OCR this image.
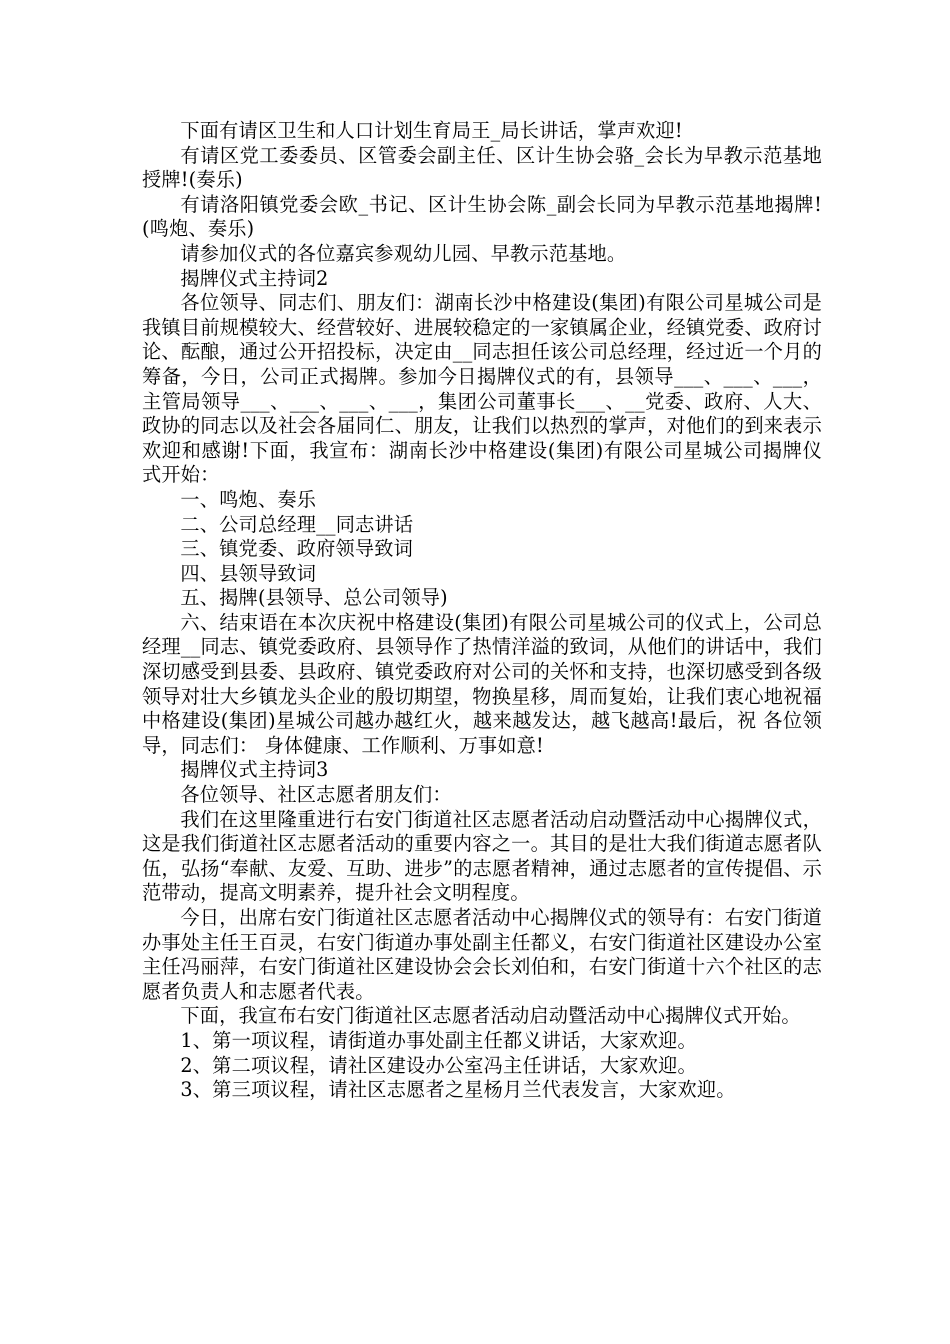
下面有请区卫生和人口计划生育局王_局长讲话，掌声欢迎!

有请区党工委委员、区管委会副主任、区计生协会骆_会长为早教示范基地授牌!(奏乐)

有请洛阳镇党委会欧_书记、区计生协会陈_副会长同为早教示范基地揭牌!(鸣炮、奏乐)

请参加仪式的各位嘉宾参观幼儿园、早教示范基地。

揭牌仪式主持词2

各位领导、同志们、朋友们：湖南长沙中格建设(集团)有限公司星城公司是我镇目前规模较大、经营较好、进展较稳定的一家镇属企业，经镇党委、政府讨论、酝酿，通过公开招投标，决定由__同志担任该公司总经理，经过近一个月的筹备，今日，公司正式揭牌。参加今日揭牌仪式的有，县领导___、___、___，主管局领导___、___、___、___，集团公司董事长___、__党委、政府、人大、政协的同志以及社会各届同仁、朋友，让我们以热烈的掌声，对他们的到来表示欢迎和感谢!下面，我宣布：湖南长沙中格建设(集团)有限公司星城公司揭牌仪式开始：

一、鸣炮、奏乐

二、公司总经理__同志讲话

三、镇党委、政府领导致词

四、县领导致词

五、揭牌(县领导、总公司领导)

六、结束语在本次庆祝中格建设(集团)有限公司星城公司的仪式上，公司总经理__同志、镇党委政府、县领导作了热情洋溢的致词，从他们的讲话中，我们深切感受到县委、县政府、镇党委政府对公司的关怀和支持，也深切感受到各级领导对壮大乡镇龙头企业的殷切期望，物换星移，周而复始，让我们衷心地祝福中格建设(集团)星城公司越办越红火，越来越发达，越飞越高!最后，祝 各位领导，同志们： 身体健康、工作顺利、万事如意!

揭牌仪式主持词3

各位领导、社区志愿者朋友们：

我们在这里隆重进行右安门街道社区志愿者活动启动暨活动中心揭牌仪式，这是我们街道社区志愿者活动的重要内容之一。其目的是壮大我们街道志愿者队伍，弘扬“奉献、友爱、互助、进步”的志愿者精神，通过志愿者的宣传提倡、示范带动，提高文明素养，提升社会文明程度。

今日，出席右安门街道社区志愿者活动中心揭牌仪式的领导有：右安门街道办事处主任王百灵，右安门街道办事处副主任都义，右安门街道社区建设办公室主任冯丽萍，右安门街道社区建设协会会长刘伯和，右安门街道十六个社区的志愿者负责人和志愿者代表。

下面，我宣布右安门街道社区志愿者活动启动暨活动中心揭牌仪式开始。

1、第一项议程，请街道办事处副主任都义讲话，大家欢迎。

2、第二项议程，请社区建设办公室冯主任讲话，大家欢迎。

3、第三项议程，请社区志愿者之星杨月兰代表发言，大家欢迎。
